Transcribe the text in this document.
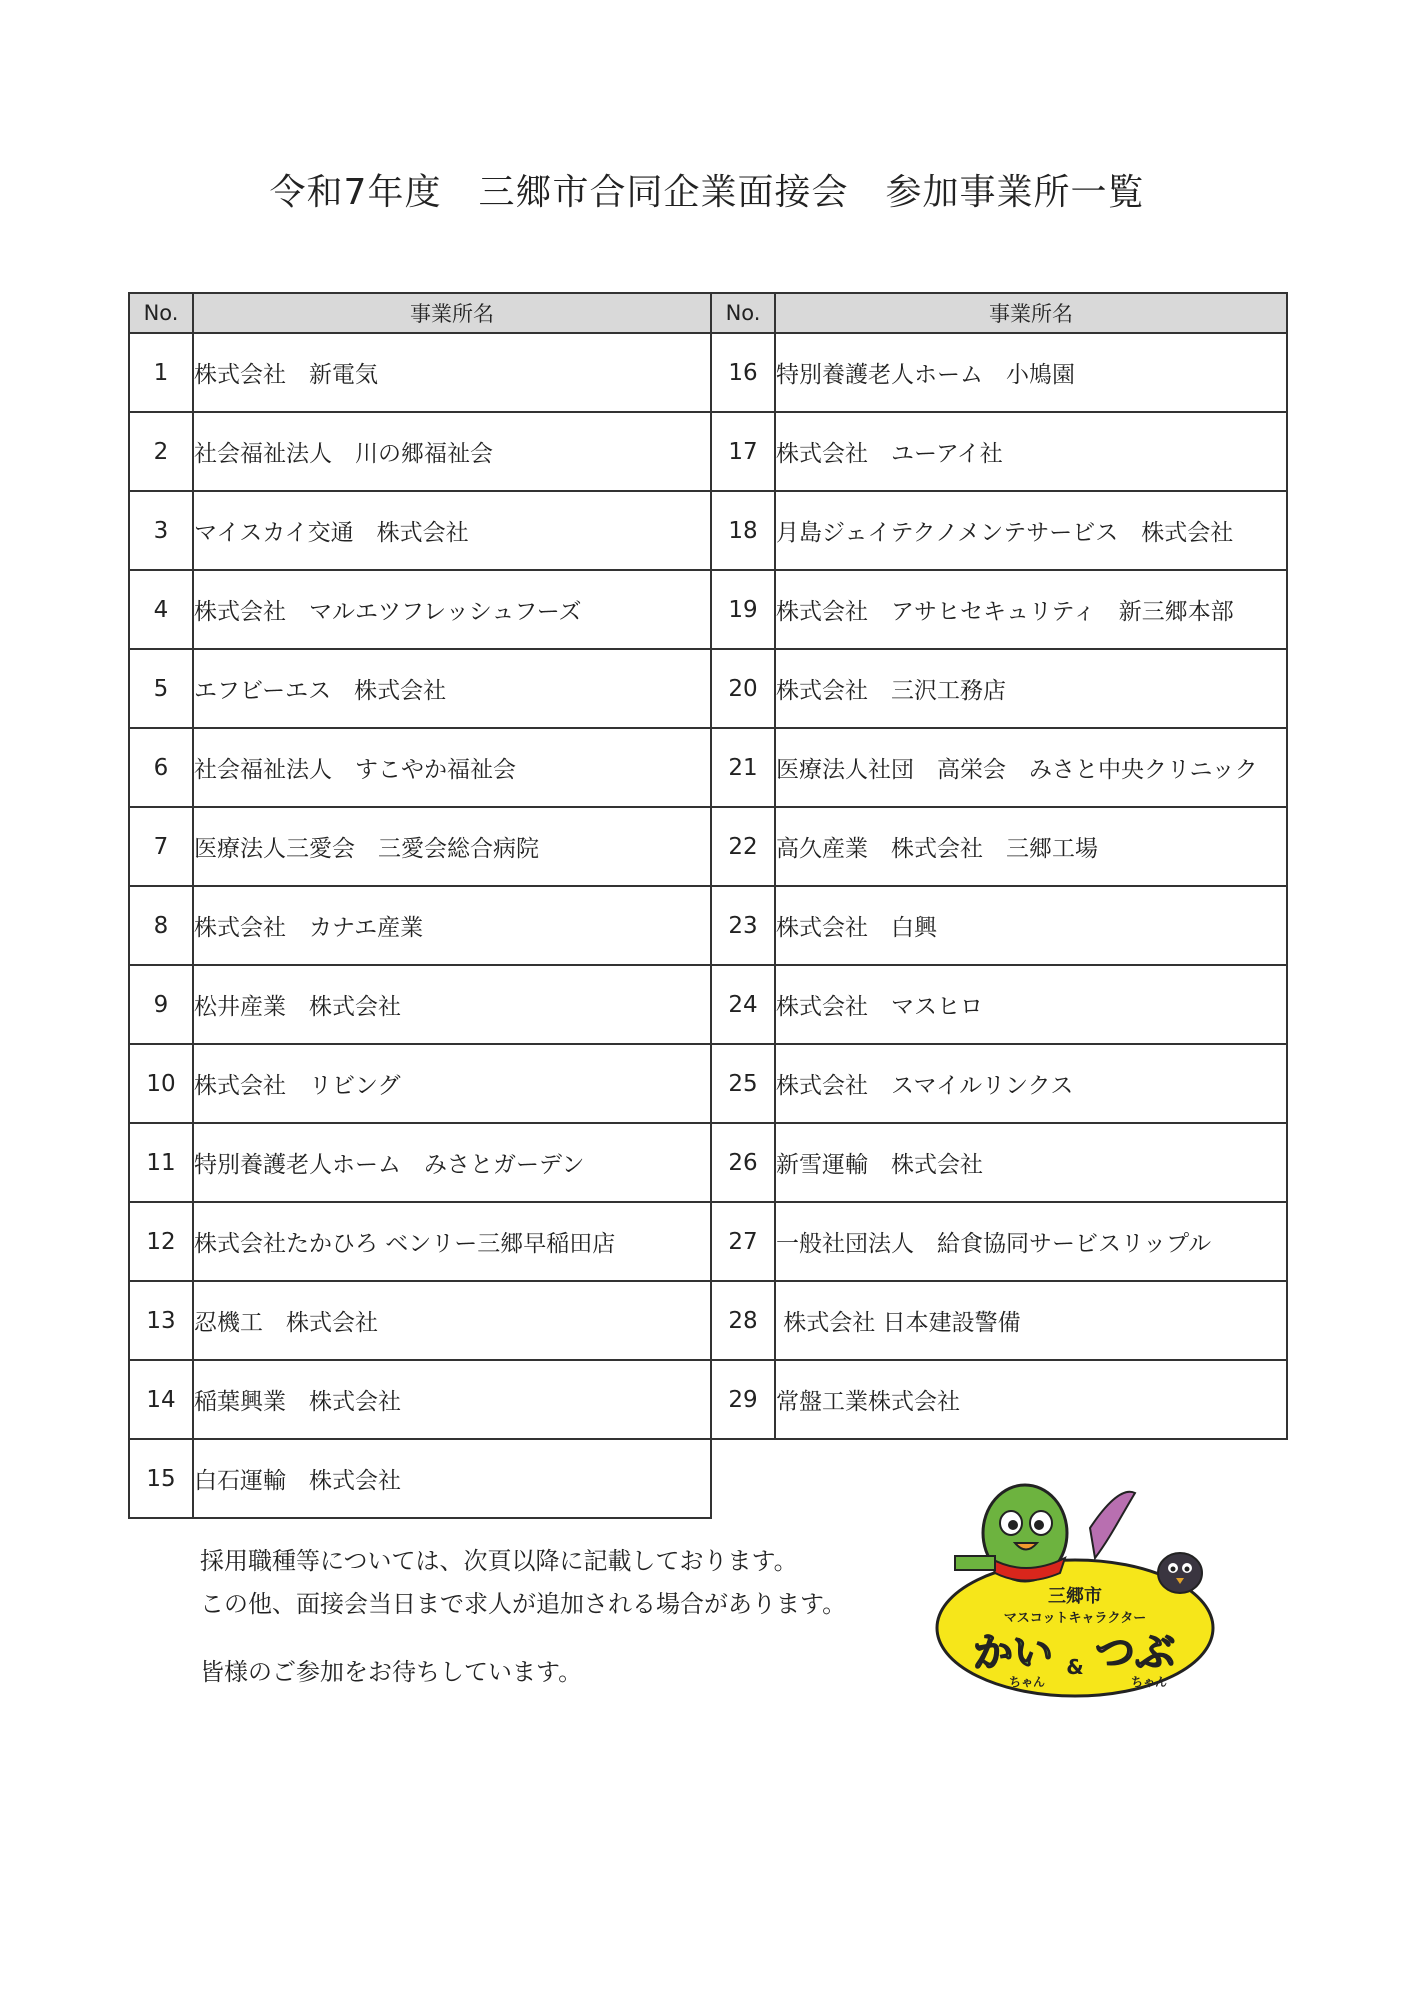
令和7年度　三郷市合同企業面接会　参加事業所一覧
No.	事業所名	No.	事業所名
1	株式会社　新電気	16	特別養護老人ホーム　小鳩園
2	社会福祉法人　川の郷福祉会	17	株式会社　ユーアイ社
3	マイスカイ交通　株式会社	18	月島ジェイテクノメンテサービス　株式会社
4	株式会社　マルエツフレッシュフーズ	19	株式会社　アサヒセキュリティ　新三郷本部
5	エフビーエス　株式会社	20	株式会社　三沢工務店
6	社会福祉法人　すこやか福祉会	21	医療法人社団　高栄会　みさと中央クリニック
7	医療法人三愛会　三愛会総合病院	22	高久産業　株式会社　三郷工場
8	株式会社　カナエ産業	23	株式会社　白興
9	松井産業　株式会社	24	株式会社　マスヒロ
10	株式会社　リビング	25	株式会社　スマイルリンクス
11	特別養護老人ホーム　みさとガーデン	26	新雪運輸　株式会社
12	株式会社たかひろ ベンリー三郷早稲田店	27	一般社団法人　給食協同サービスリップル
13	忍機工　株式会社	28	株式会社 日本建設警備
14	稲葉興業　株式会社	29	常盤工業株式会社
15	白石運輸　株式会社		
採用職種等については、次頁以降に記載しております。
この他、面接会当日まで求人が追加される場合があります。
皆様のご参加をお待ちしています。
三郷市
マスコットキャラクター
かい & つぶ
ちゃん	ちゃん
